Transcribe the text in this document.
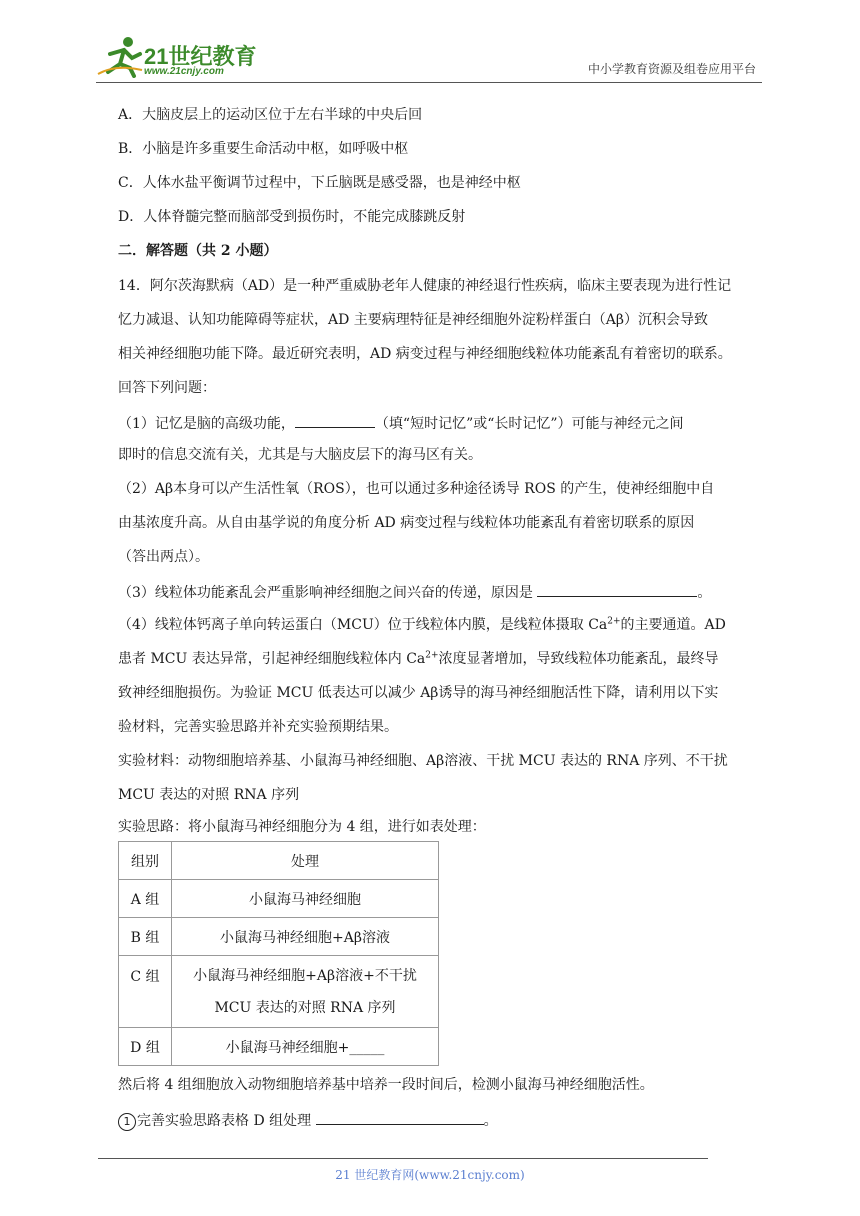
21世纪教育
www.21cnjy.com	中小学教育资源及组卷应用平台
A．大脑皮层上的运动区位于左右半球的中央后回
B．小脑是许多重要生命活动中枢，如呼吸中枢
C．人体水盐平衡调节过程中，下丘脑既是感受器，也是神经中枢
D．人体脊髓完整而脑部受到损伤时，不能完成膝跳反射
二．解答题（共 2 小题）
14．阿尔茨海默病（AD）是一种严重威胁老年人健康的神经退行性疾病，临床主要表现为进行性记
忆力减退、认知功能障碍等症状，AD 主要病理特征是神经细胞外淀粉样蛋白（Aβ）沉积会导致
相关神经细胞功能下降。最近研究表明，AD 病变过程与神经细胞线粒体功能紊乱有着密切的联系。
回答下列问题：
（1）记忆是脑的高级功能，	（填“短时记忆”或“长时记忆”）可能与神经元之间
即时的信息交流有关，尤其是与大脑皮层下的海马区有关。
（2）Aβ本身可以产生活性氧（ROS），也可以通过多种途径诱导 ROS 的产生，使神经细胞中自
由基浓度升高。从自由基学说的角度分析 AD 病变过程与线粒体功能紊乱有着密切联系的原因
（答出两点）。
（3）线粒体功能紊乱会严重影响神经细胞之间兴奋的传递，原因是	。
（4）线粒体钙离子单向转运蛋白（MCU）位于线粒体内膜，是线粒体摄取 $Ca^{2+}$的主要通道。AD
患者 MCU 表达异常，引起神经细胞线粒体内 $Ca^{2+}$浓度显著增加，导致线粒体功能紊乱，最终导
致神经细胞损伤。为验证 MCU 低表达可以减少 Aβ诱导的海马神经细胞活性下降，请利用以下实
验材料，完善实验思路并补充实验预期结果。
实验材料：动物细胞培养基、小鼠海马神经细胞、Aβ溶液、干扰 MCU 表达的 RNA 序列、不干扰
MCU 表达的对照 RNA 序列
实验思路：将小鼠海马神经细胞分为 4 组，进行如表处理：
组别	处理
A 组	小鼠海马神经细胞
B 组	小鼠海马神经细胞+Aβ溶液
C 组	小鼠海马神经细胞+Aβ溶液+不干扰
MCU 表达的对照 RNA 序列

D 组	小鼠海马神经细胞+_____
然后将 4 组细胞放入动物细胞培养基中培养一段时间后，检测小鼠海马神经细胞活性。
1 完善实验思路表格 D 组处理	。
21 世纪教育网(www.21cnjy.com)
